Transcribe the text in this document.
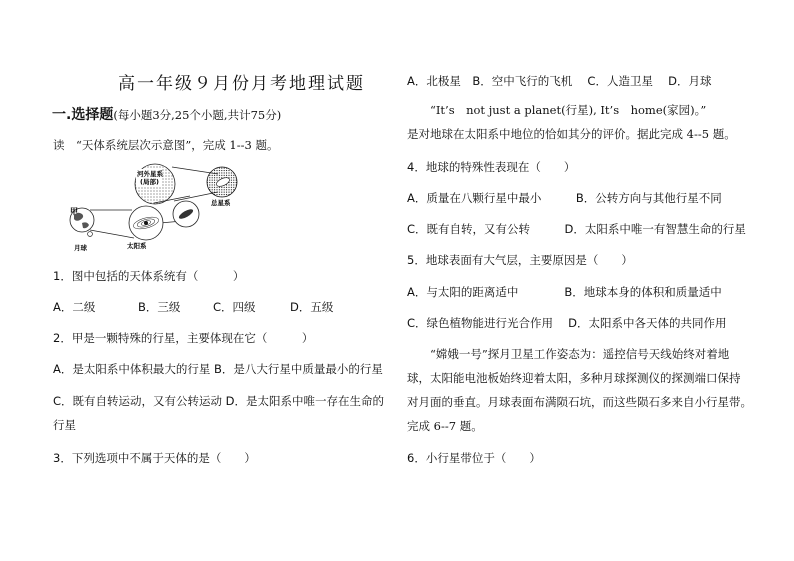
高一年级９月份月考地理试题
一.选择题(每小题3分,25个小题,共计75分)
读　“天体系统层次示意图”，完成 1--3 题。
河外星系
(局部)
总星系
太阳系
甲
月球
1．图中包括的天体系统有（　　　）
A．二级	B．三级	C．四级	D．五级
2．甲是一颗特殊的行星，主要体现在它（　　　）
A．是太阳系中体积最大的行星 B．是八大行星中质量最小的行星
C．既有自转运动，又有公转运动 D．是太阳系中唯一存在生命的
行星
3．下列选项中不属于天体的是（　　）
A．北极星　B．空中飞行的飞机　 C．人造卫星　 D．月球
“It’s　not just a planet(行星), It’s　home(家园)。”
是对地球在太阳系中地位的恰如其分的评价。据此完成 4--5 题。
4．地球的特殊性表现在（　　）
A．质量在八颗行星中最小　　　B．公转方向与其他行星不同
C．既有自转，又有公转　　　D．太阳系中唯一有智慧生命的行星
5．地球表面有大气层，主要原因是（　　）
A．与太阳的距离适中　　　　B．地球本身的体积和质量适中
C．绿色植物能进行光合作用　 D．太阳系中各天体的共同作用
“嫦娥一号”探月卫星工作姿态为：遥控信号天线始终对着地
球，太阳能电池板始终迎着太阳，多种月球探测仪的探测端口保持
对月面的垂直。月球表面布满陨石坑，而这些陨石多来自小行星带。
完成 6--7 题。
6．小行星带位于（　　）
